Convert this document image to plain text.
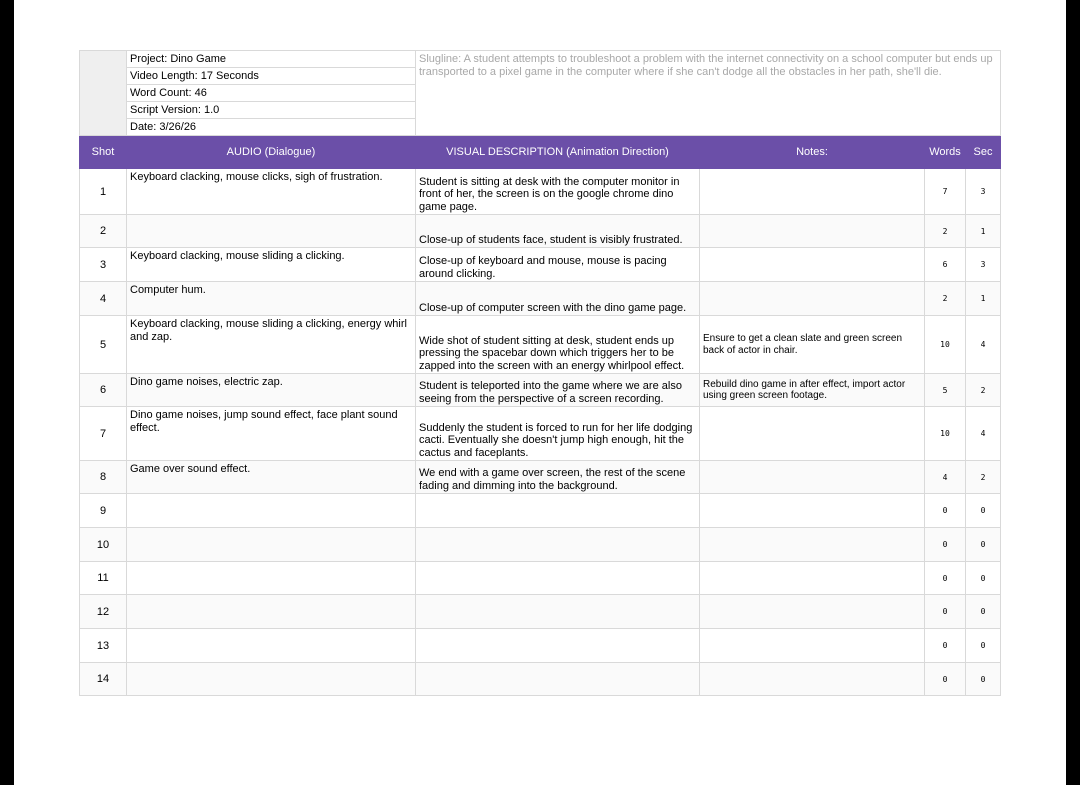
	Project: Dino Game	Slugline: A student attempts to troubleshoot a problem with the internet connectivity on a school computer but ends up transported to a pixel game in the computer where if she can't dodge all the obstacles in her path, she'll die.			
	Video Length: 17 Seconds				
	Word Count: 46				
	Script Version: 1.0				
	Date: 3/26/26				
Shot	AUDIO (Dialogue)	VISUAL DESCRIPTION (Animation Direction)	Notes:	Words	Sec
1	Keyboard clacking, mouse clicks, sigh of frustration.	Student is sitting at desk with the computer monitor in front of her, the screen is on the google chrome dino game page.		7	3
2		Close-up of students face, student is visibly frustrated.		2	1
3	Keyboard clacking, mouse sliding a clicking.	Close-up of keyboard and mouse, mouse is pacing around clicking.		6	3
4	Computer hum.	Close-up of computer screen with the dino game page.		2	1
5	Keyboard clacking, mouse sliding a clicking, energy whirl and zap.	Wide shot of student sitting at desk, student ends up pressing the spacebar down which triggers her to be zapped into the screen with an energy whirlpool effect.	Ensure to get a clean slate and green screen back of actor in chair.	10	4
6	Dino game noises, electric zap.	Student is teleported into the game where we are also seeing from the perspective of a screen recording.	Rebuild dino game in after effect, import actor using green screen footage.	5	2
7	Dino game noises, jump sound effect, face plant sound effect.	Suddenly the student is forced to run for her life dodging cacti. Eventually she doesn't jump high enough, hit the cactus and faceplants.		10	4
8	Game over sound effect.	We end with a game over screen, the rest of the scene fading and dimming into the background.		4	2
9				0	0
10				0	0
11				0	0
12				0	0
13				0	0
14				0	0
